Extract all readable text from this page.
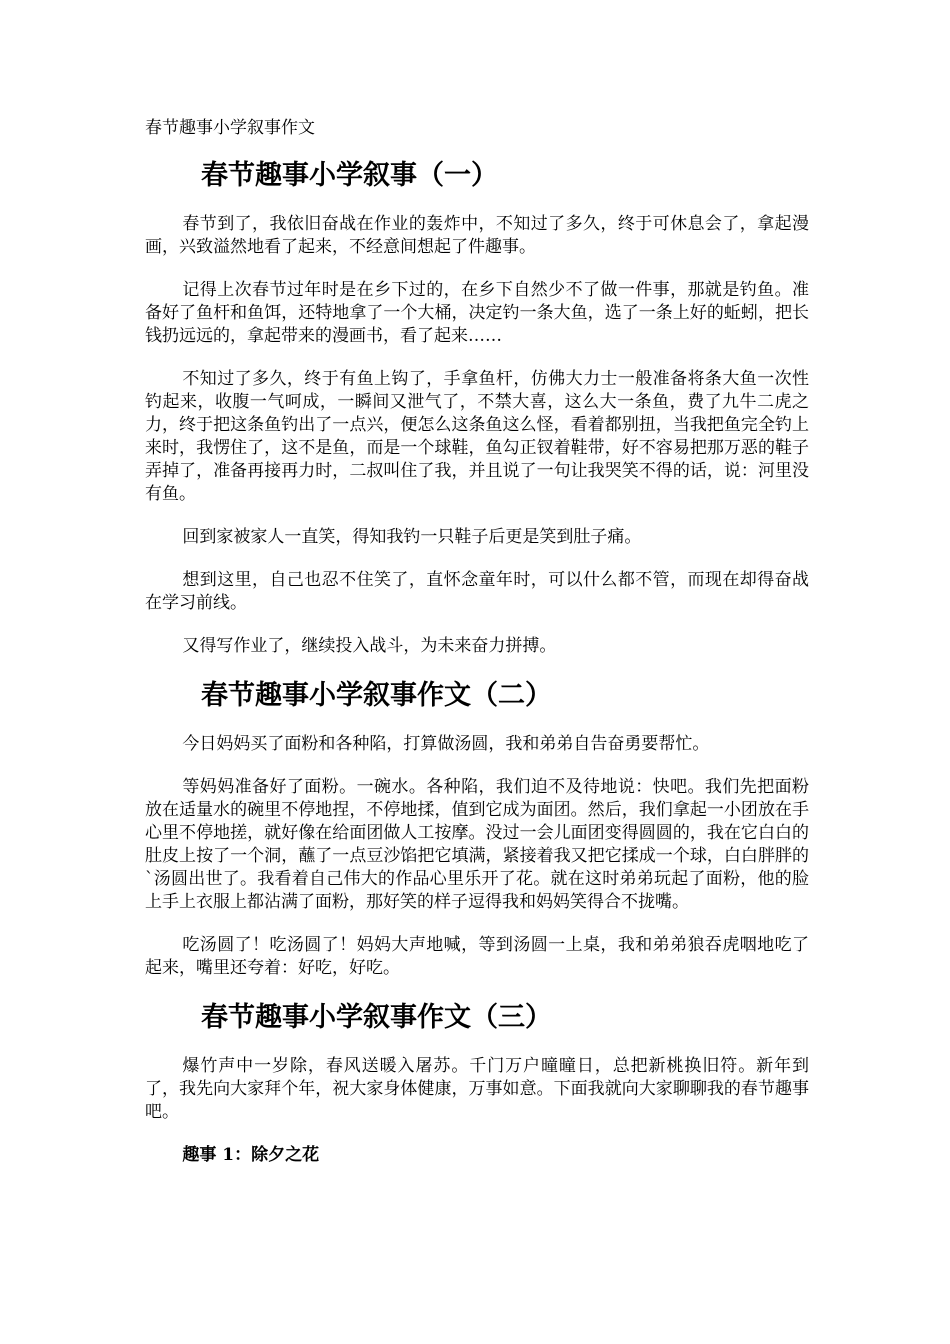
春节趣事小学叙事作文
春节趣事小学叙事（一）

春节到了，我依旧奋战在作业的轰炸中，不知过了多久，终于可休息会了，拿起漫画，兴致溢然地看了起来，不经意间想起了件趣事。

记得上次春节过年时是在乡下过的，在乡下自然少不了做一件事，那就是钓鱼。准备好了鱼杆和鱼饵，还特地拿了一个大桶，决定钓一条大鱼，选了一条上好的蚯蚓，把长钱扔远远的，拿起带来的漫画书，看了起来……

不知过了多久，终于有鱼上钩了，手拿鱼杆，仿佛大力士一般准备将条大鱼一次性钓起来，收腹一气呵成，一瞬间又泄气了，不禁大喜，这么大一条鱼，费了九牛二虎之力，终于把这条鱼钓出了一点兴，便怎么这条鱼这么怪，看着都别扭，当我把鱼完全钓上来时，我愣住了，这不是鱼，而是一个球鞋，鱼勾正钗着鞋带，好不容易把那万恶的鞋子弄掉了，准备再接再力时，二叔叫住了我，并且说了一句让我哭笑不得的话，说：河里没有鱼。

回到家被家人一直笑，得知我钓一只鞋子后更是笑到肚子痛。

想到这里，自己也忍不住笑了，直怀念童年时，可以什么都不管，而现在却得奋战在学习前线。

又得写作业了，继续投入战斗，为未来奋力拼搏。

春节趣事小学叙事作文（二）

今日妈妈买了面粉和各种陷，打算做汤圆，我和弟弟自告奋勇要帮忙。

等妈妈准备好了面粉。一碗水。各种陷，我们迫不及待地说：快吧。我们先把面粉放在适量水的碗里不停地捏，不停地揉，值到它成为面团。然后，我们拿起一小团放在手心里不停地搓，就好像在给面团做人工按摩。没过一会儿面团变得圆圆的，我在它白白的肚皮上按了一个洞，蘸了一点豆沙馅把它填满，紧接着我又把它揉成一个球，白白胖胖的`汤圆出世了。我看着自己伟大的作品心里乐开了花。就在这时弟弟玩起了面粉，他的脸上手上衣服上都沾满了面粉，那好笑的样子逗得我和妈妈笑得合不拢嘴。

吃汤圆了！吃汤圆了！妈妈大声地喊，等到汤圆一上桌，我和弟弟狼吞虎咽地吃了起来，嘴里还夸着：好吃，好吃。

春节趣事小学叙事作文（三）

爆竹声中一岁除，春风送暖入屠苏。千门万户曈曈日，总把新桃换旧符。新年到了，我先向大家拜个年，祝大家身体健康，万事如意。下面我就向大家聊聊我的春节趣事吧。

趣事 1：除夕之花
